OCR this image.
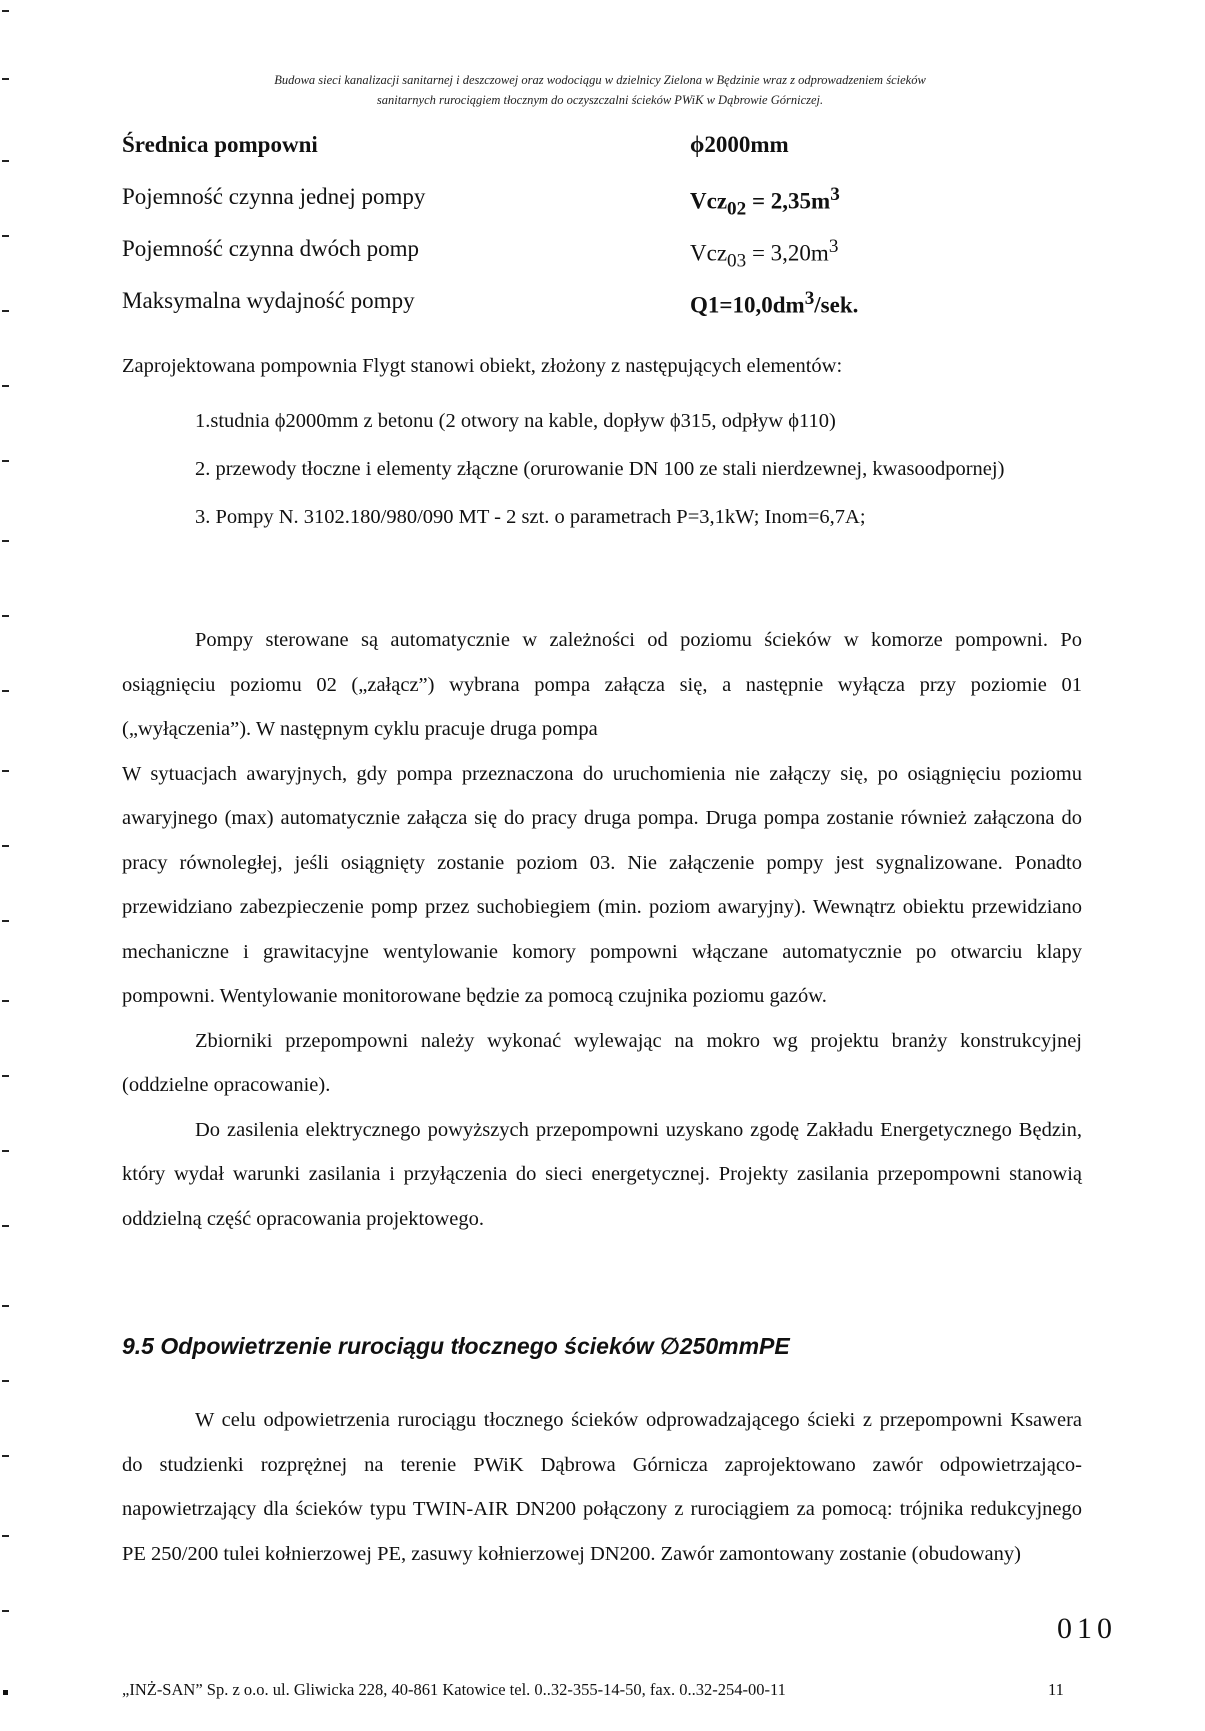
Budowa sieci kanalizacji sanitarnej i deszczowej oraz wodociągu w dzielnicy Zielona w Będzinie wraz z odprowadzeniem ścieków
sanitarnych rurociągiem tłocznym do oczyszczalni ścieków PWiK w Dąbrowie Górniczej.
Średnica pompowni	ϕ2000mm
Pojemność czynna jednej pompy	$Vcz_{02} = 2,35m^3$
Pojemność czynna dwóch pomp	$Vcz_{03} = 3,20m^3$
Maksymalna wydajność pompy	$Q1=10,0dm^3$/sek.
Zaprojektowana pompownia Flygt stanowi obiekt, złożony z następujących elementów:
1.studnia ϕ2000mm z betonu (2 otwory na kable, dopływ ϕ315, odpływ ϕ110)
2. przewody tłoczne i elementy złączne (orurowanie DN 100 ze stali nierdzewnej, kwasoodpornej)
3. Pompy N. 3102.180/980/090 MT - 2 szt. o parametrach P=3,1kW; Inom=6,7A;

Pompy sterowane są automatycznie w zależności od poziomu ścieków w komorze pompowni. Po osiągnięciu poziomu 02 („załącz”) wybrana pompa załącza się, a następnie wyłącza przy poziomie 01 („wyłączenia”). W następnym cyklu pracuje druga pompa

W sytuacjach awaryjnych, gdy pompa przeznaczona do uruchomienia nie załączy się, po osiągnięciu poziomu awaryjnego (max) automatycznie załącza się do pracy druga pompa. Druga pompa zostanie również załączona do pracy równoległej, jeśli osiągnięty zostanie poziom 03. Nie załączenie pompy jest sygnalizowane. Ponadto przewidziano zabezpieczenie pomp przez suchobiegiem (min. poziom awaryjny). Wewnątrz obiektu przewidziano mechaniczne i grawitacyjne wentylowanie komory pompowni włączane automatycznie po otwarciu klapy pompowni. Wentylowanie monitorowane będzie za pomocą czujnika poziomu gazów.

Zbiorniki przepompowni należy wykonać wylewając na mokro wg projektu branży konstrukcyjnej (oddzielne opracowanie).

Do zasilenia elektrycznego powyższych przepompowni uzyskano zgodę Zakładu Energetycznego Będzin, który wydał warunki zasilania i przyłączenia do sieci energetycznej. Projekty zasilania przepompowni stanowią oddzielną część opracowania projektowego.

9.5 Odpowietrzenie rurociągu tłocznego ścieków ∅250mmPE

W celu odpowietrzenia rurociągu tłocznego ścieków odprowadzającego ścieki z przepompowni Ksawera do studzienki rozprężnej na terenie PWiK Dąbrowa Górnicza zaprojektowano zawór odpowietrzająco-napowietrzający dla ścieków typu TWIN-AIR DN200 połączony z rurociągiem za pomocą: trójnika redukcyjnego PE 250/200 tulei kołnierzowej PE, zasuwy kołnierzowej DN200. Zawór zamontowany zostanie (obudowany)

010
„INŻ-SAN” Sp. z o.o. ul. Gliwicka 228, 40-861 Katowice tel. 0..32-355-14-50, fax. 0..32-254-00-11	11
